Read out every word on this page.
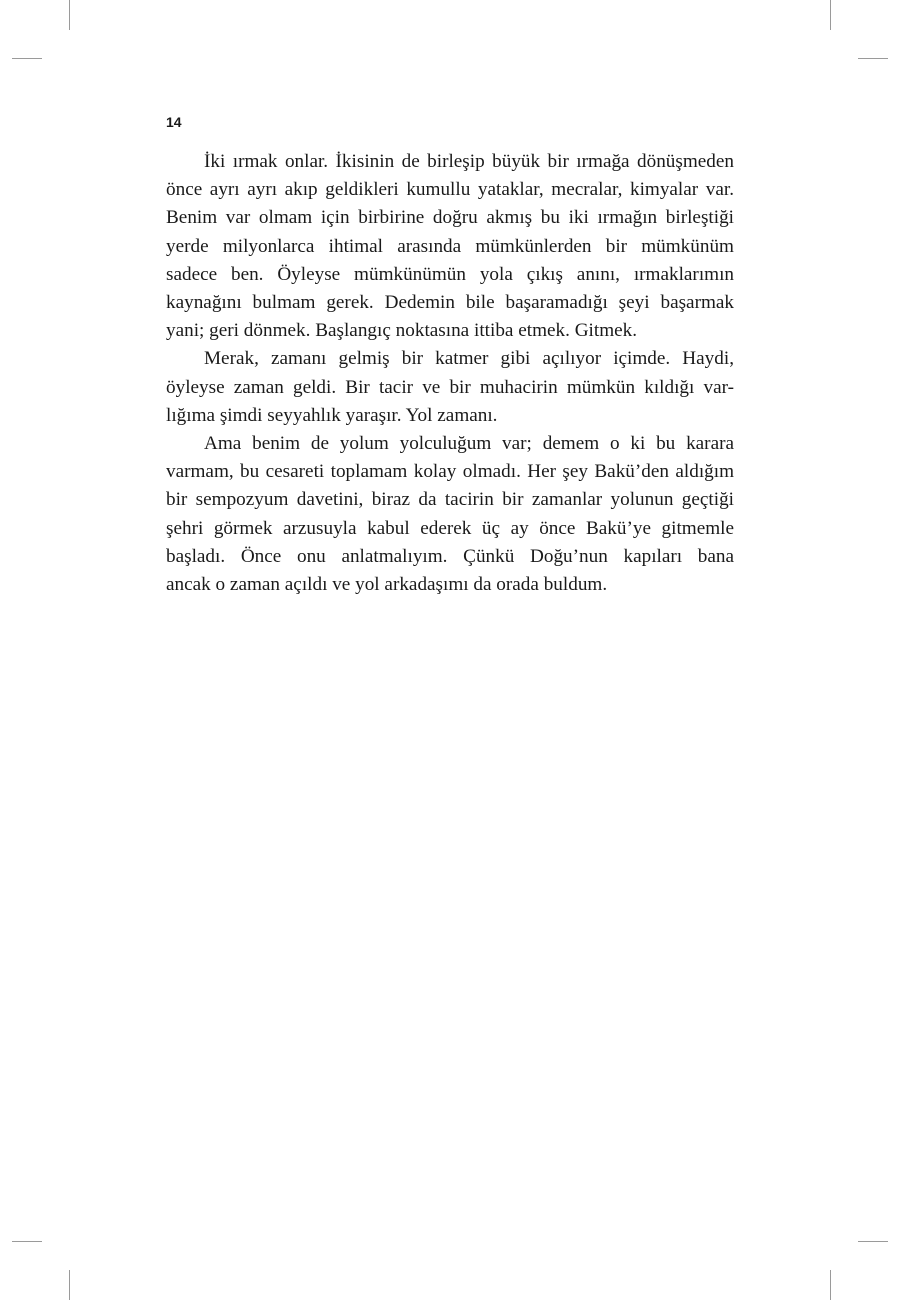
14

İki ırmak onlar. İkisinin de birleşip büyük bir ırmağa dönüşmeden
önce ayrı ayrı akıp geldikleri kumullu yataklar, mecralar, kimyalar var.
Benim var olmam için birbirine doğru akmış bu iki ırmağın birleştiği
yerde milyonlarca ihtimal arasında mümkünlerden bir mümkünüm
sadece ben. Öyleyse mümkünümün yola çıkış anını, ırmaklarımın
kaynağını bulmam gerek. Dedemin bile başaramadığı şeyi başarmak
yani; geri dönmek. Başlangıç noktasına ittiba etmek. Gitmek.

Merak, zamanı gelmiş bir katmer gibi açılıyor içimde. Haydi,
öyleyse zaman geldi. Bir tacir ve bir muhacirin mümkün kıldığı var-
lığıma şimdi seyyahlık yaraşır. Yol zamanı.

Ama benim de yolum yolculuğum var; demem o ki bu karara
varmam, bu cesareti toplamam kolay olmadı. Her şey Bakü’den aldığım
bir sempozyum davetini, biraz da tacirin bir zamanlar yolunun geçtiği
şehri görmek arzusuyla kabul ederek üç ay önce Bakü’ye gitmemle
başladı. Önce onu anlatmalıyım. Çünkü Doğu’nun kapıları bana
ancak o zaman açıldı ve yol arkadaşımı da orada buldum.
